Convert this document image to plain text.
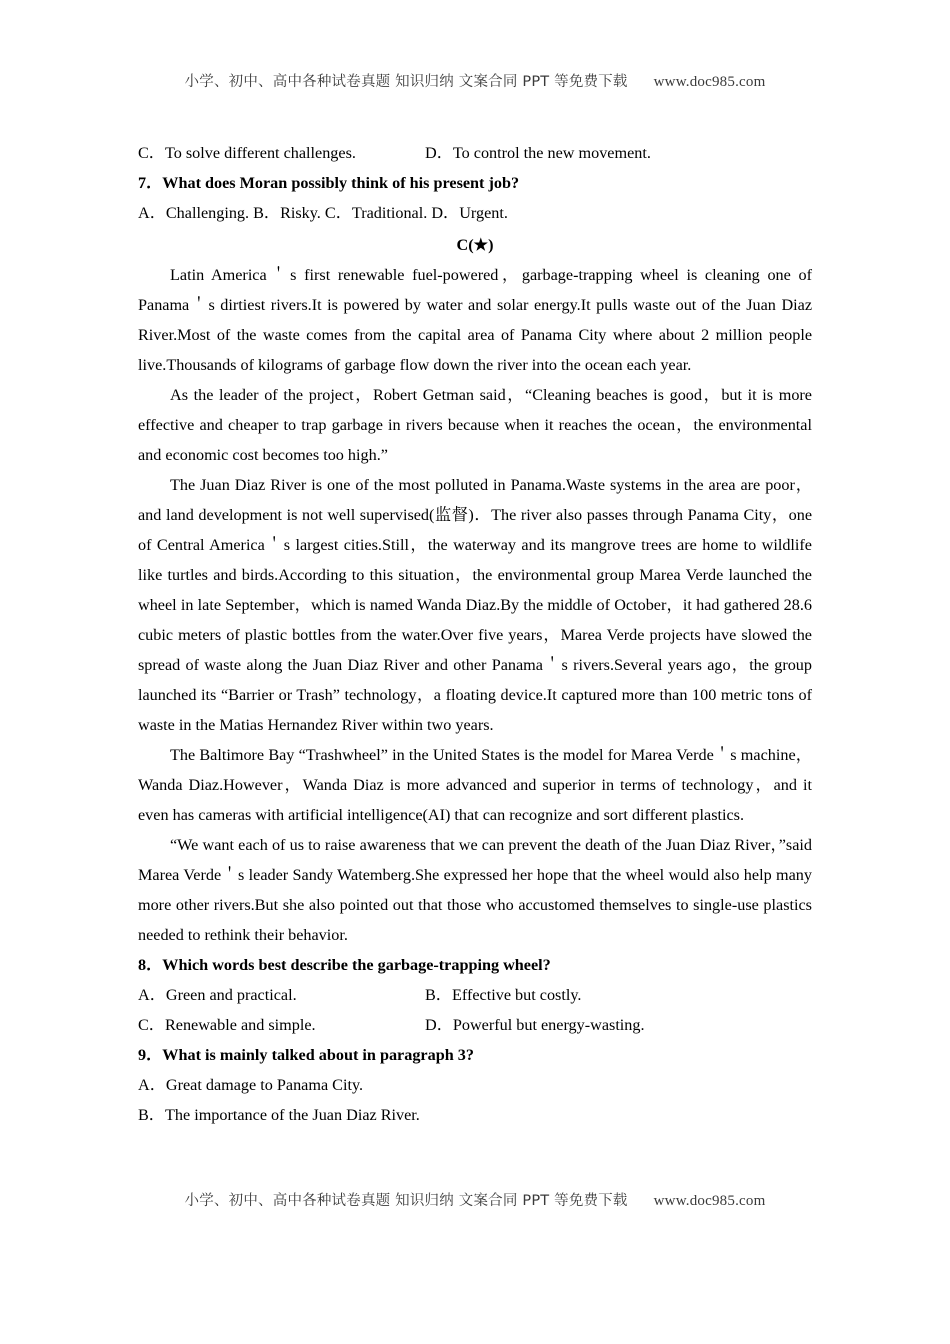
小学、初中、高中各种试卷真题 知识归纳 文案合同 PPT 等免费下载 www.doc985.com
C．To solve different challenges.	D．To control the new movement.
7．What does Moran possibly think of his present job?
A．Challenging. B．Risky. C．Traditional. D．Urgent.
C(★)

Latin America＇s first renewable fuel-powered，garbage-trapping wheel is cleaning one of Panama＇s dirtiest rivers.It is powered by water and solar energy.It pulls waste out of the Juan Diaz River.Most of the waste comes from the capital area of Panama City where about 2 million people live.Thousands of kilograms of garbage flow down the river into the ocean each year.

As the leader of the project，Robert Getman said，“Cleaning beaches is good，but it is more effective and cheaper to trap garbage in rivers because when it reaches the ocean，the environmental and economic cost becomes too high.”

The Juan Diaz River is one of the most polluted in Panama.Waste systems in the area are poor，and land development is not well supervised(监督)．The river also passes through Panama City，one of Central America＇s largest cities.Still，the waterway and its mangrove trees are home to wildlife like turtles and birds.According to this situation，the environmental group Marea Verde launched the wheel in late September，which is named Wanda Diaz.By the middle of October，it had gathered 28.6 cubic meters of plastic bottles from the water.Over five years，Marea Verde projects have slowed the spread of waste along the Juan Diaz River and other Panama＇s rivers.Several years ago，the group launched its “Barrier or Trash” technology，a floating device.It captured more than 100 metric tons of waste in the Matias Hernandez River within two years.

The Baltimore Bay “Trashwheel” in the United States is the model for Marea Verde＇s machine，Wanda Diaz.However，Wanda Diaz is more advanced and superior in terms of technology，and it even has cameras with artificial intelligence(AI) that can recognize and sort different plastics.

“We want each of us to raise awareness that we can prevent the death of the Juan Diaz River，”said Marea Verde＇s leader Sandy Watemberg.She expressed her hope that the wheel would also help many more other rivers.But she also pointed out that those who accustomed themselves to single-use plastics needed to rethink their behavior.

8．Which words best describe the garbage-trapping wheel?
A．Green and practical.	B．Effective but costly.
C．Renewable and simple.	D．Powerful but energy-wasting.
9．What is mainly talked about in paragraph 3?
A．Great damage to Panama City.
B．The importance of the Juan Diaz River.
小学、初中、高中各种试卷真题 知识归纳 文案合同 PPT 等免费下载 www.doc985.com
